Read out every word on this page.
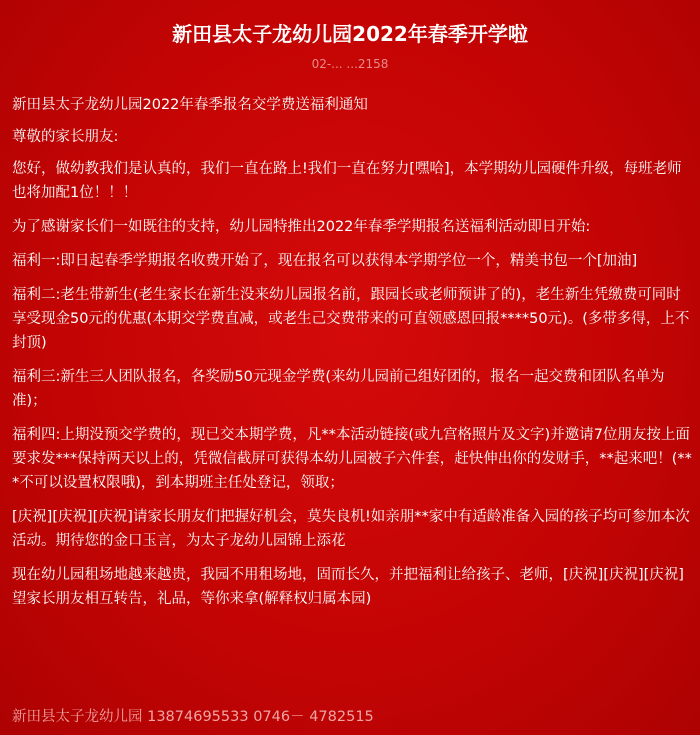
新田县太子龙幼儿园2022年春季开学啦
02-... ...2158

新田县太子龙幼儿园2022年春季报名交学费送福利通知

尊敬的家长朋友:

您好，做幼教我们是认真的，我们一直在路上!我们一直在努力[嘿哈]，本学期幼儿园硬件升级，每班老师也将加配1位！！！

为了感谢家长们一如既往的支持，幼儿园特推出2022年春季学期报名送福利活动即日开始:

福利一:即日起春季学期报名收费开始了，现在报名可以获得本学期学位一个，精美书包一个[加油]

福利二:老生带新生(老生家长在新生没来幼儿园报名前，跟园长或老师预讲了的)，老生新生凭缴费可同时享受现金50元的优惠(本期交学费直减，或老生己交费带来的可直领感恩回报****50元)。(多带多得，上不封顶)

福利三:新生三人团队报名，各奖励50元现金学费(来幼儿园前己组好团的，报名一起交费和团队名单为准)；

福利四:上期没预交学费的，现已交本期学费，凡**本活动链接(或九宫格照片及文字)并邀请7位朋友按上面要求发***保持两天以上的，凭微信截屏可获得本幼儿园被子六件套，赶快伸出你的发财手，**起来吧！(***不可以设置权限哦)，到本期班主任处登记，领取；

[庆祝][庆祝][庆祝]请家长朋友们把握好机会，莫失良机!如亲朋**家中有适龄准备入园的孩子均可参加本次活动。期待您的金口玉言，为太子龙幼儿园锦上添花

现在幼儿园租场地越来越贵，我园不用租场地，固而长久，并把福利让给孩子、老师，[庆祝][庆祝][庆祝]望家长朋友相互转告，礼品，等你来拿(解释权归属本园)

新田县太子龙幼儿园 13874695533 0746－ 4782515
